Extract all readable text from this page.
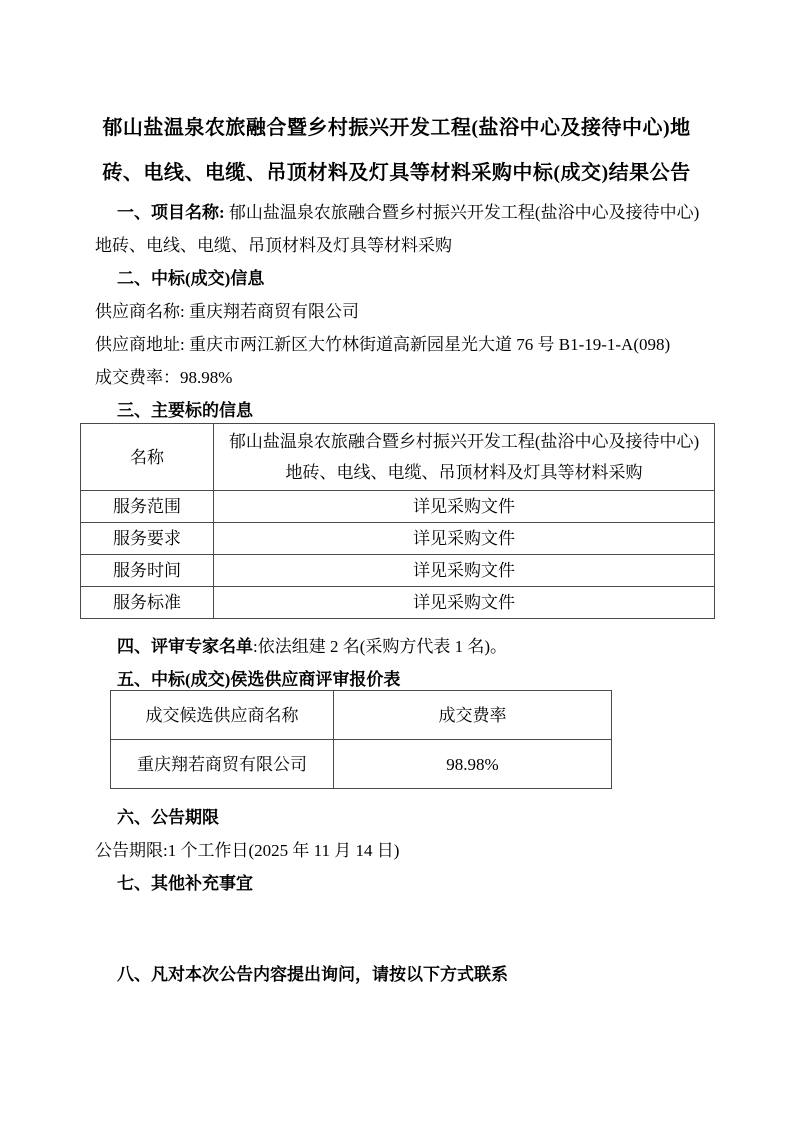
郁山盐温泉农旅融合暨乡村振兴开发工程(盐浴中心及接待中心)地
砖、电线、电缆、吊顶材料及灯具等材料采购中标(成交)结果公告
一、项目名称: 郁山盐温泉农旅融合暨乡村振兴开发工程(盐浴中心及接待中心)
地砖、电线、电缆、吊顶材料及灯具等材料采购
二、中标(成交)信息
供应商名称: 重庆翔若商贸有限公司
供应商地址: 重庆市两江新区大竹林街道高新园星光大道 76 号 B1-19-1-A(098)
成交费率：98.98%
三、主要标的信息
名称	郁山盐温泉农旅融合暨乡村振兴开发工程(盐浴中心及接待中心)地砖、电线、电缆、吊顶材料及灯具等材料采购
服务范围	详见采购文件
服务要求	详见采购文件
服务时间	详见采购文件
服务标准	详见采购文件
四、评审专家名单:依法组建 2 名(采购方代表 1 名)。
五、中标(成交)侯选供应商评审报价表
成交候选供应商名称	成交费率
重庆翔若商贸有限公司	98.98%
六、公告期限
公告期限:1 个工作日(2025 年 11 月 14 日)
七、其他补充事宜
八、凡对本次公告内容提出询问，请按以下方式联系
